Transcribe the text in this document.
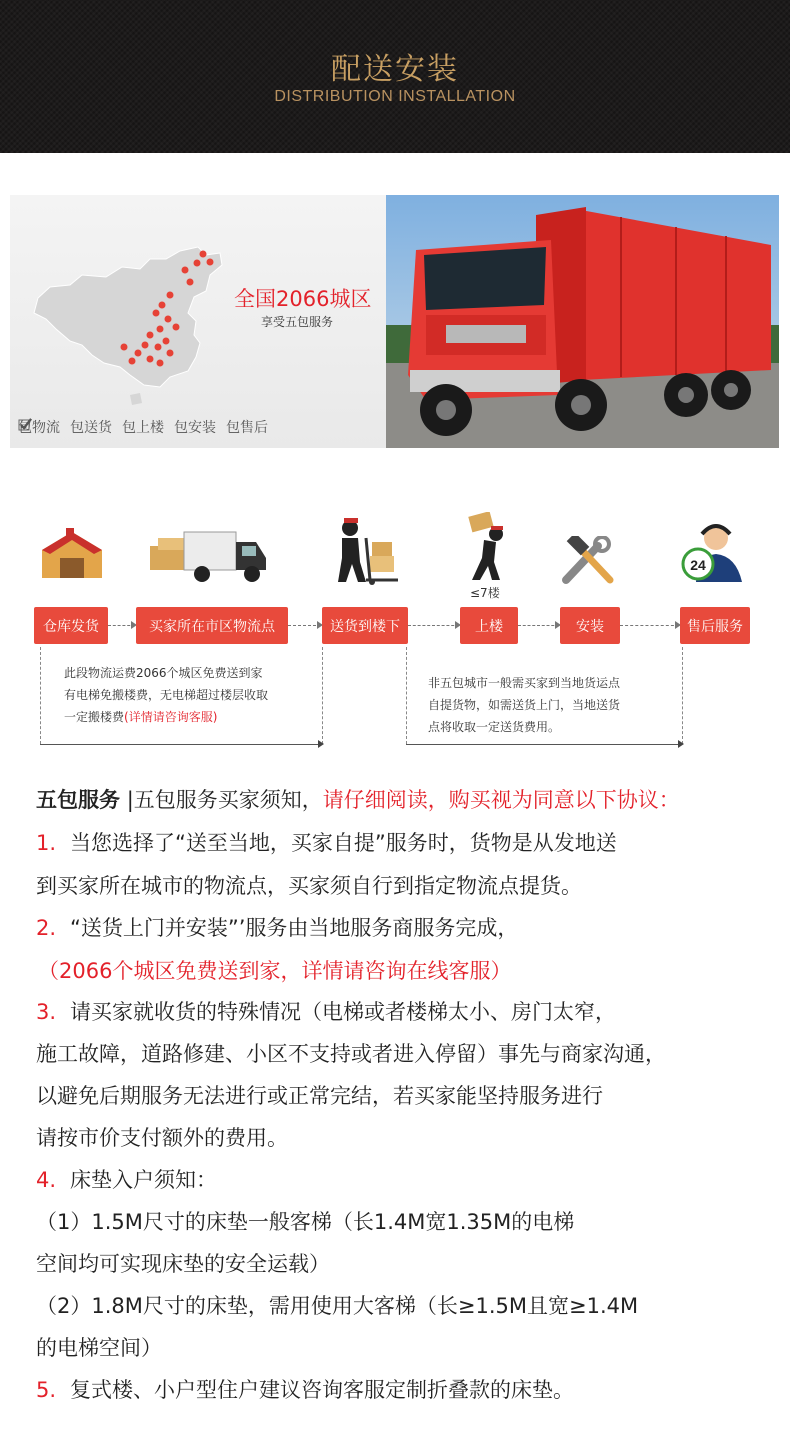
配送安装
DISTRIBUTION INSTALLATION
全国2066城区
享受五包服务
包物流 包送货 包上楼 包安装 包售后
24
≤7楼
仓库发货	买家所在市区物流点	送货到楼下	上楼	安装	售后服务
此段物流运费2066个城区免费送到家
有电梯免搬楼费，无电梯超过楼层收取
一定搬楼费(详情请咨询客服)
非五包城市一般需买家到当地货运点
自提货物，如需送货上门，当地送货
点将收取一定送货费用。
五包服务 |五包服务买家须知，请仔细阅读，购买视为同意以下协议：
1. 当您选择了“送至当地，买家自提”服务时，货物是从发地送
到买家所在城市的物流点，买家须自行到指定物流点提货。
2. “送货上门并安装”’服务由当地服务商服务完成，
（2066个城区免费送到家，详情请咨询在线客服）
3. 请买家就收货的特殊情况（电梯或者楼梯太小、房门太窄，
施工故障，道路修建、小区不支持或者进入停留）事先与商家沟通，
以避免后期服务无法进行或正常完结，若买家能坚持服务进行
请按市价支付额外的费用。
4. 床垫入户须知：
（1）1.5M尺寸的床垫一般客梯（长1.4M宽1.35M的电梯
空间均可实现床垫的安全运载）
（2）1.8M尺寸的床垫，需用使用大客梯（长≥1.5M且宽≥1.4M
的电梯空间）
5. 复式楼、小户型住户建议咨询客服定制折叠款的床垫。
